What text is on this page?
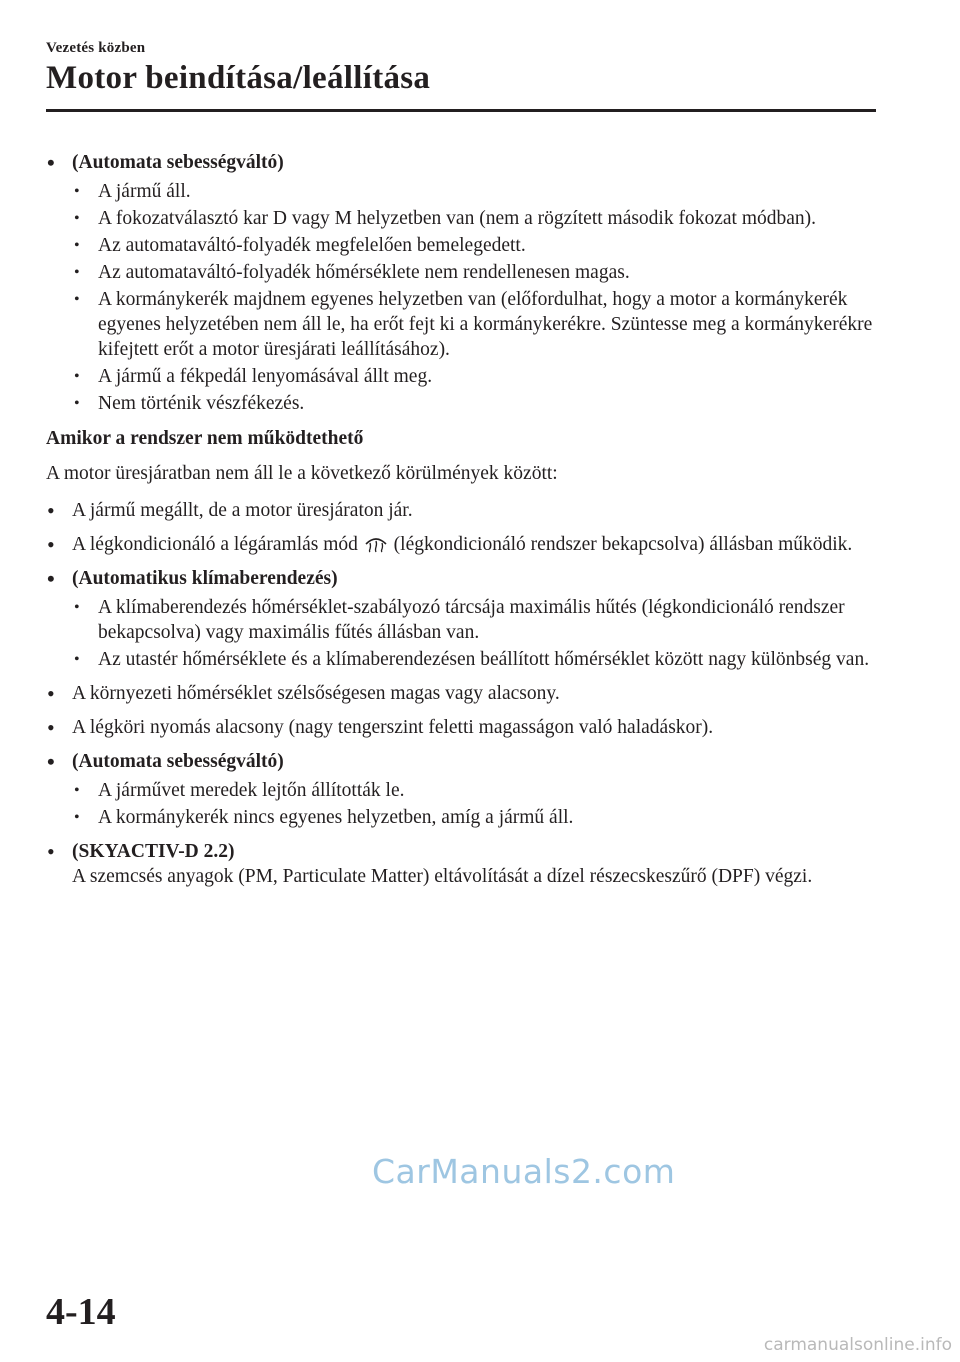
Vezetés közben
Motor beindítása/leállítása
• (Automata sebességváltó)
• A jármű áll.
• A fokozatválasztó kar D vagy M helyzetben van (nem a rögzített második fokozat módban).
• Az automataváltó-folyadék megfelelően bemelegedett.
• Az automataváltó-folyadék hőmérséklete nem rendellenesen magas.
• A kormánykerék majdnem egyenes helyzetben van (előfordulhat, hogy a motor a kormánykerék egyenes helyzetében nem áll le, ha erőt fejt ki a kormánykerékre. Szüntesse meg a kormánykerékre kifejtett erőt a motor üresjárati leállításához).
• A jármű a fékpedál lenyomásával állt meg.
• Nem történik vészfékezés.
Amikor a rendszer nem működtethető
A motor üresjáratban nem áll le a következő körülmények között:
• A jármű megállt, de a motor üresjáraton jár.
• A légkondicionáló a légáramlás mód (légkondicionáló rendszer bekapcsolva) állásban működik.
• (Automatikus klímaberendezés)
• A klímaberendezés hőmérséklet-szabályozó tárcsája maximális hűtés (légkondicionáló rendszer bekapcsolva) vagy maximális fűtés állásban van.
• Az utastér hőmérséklete és a klímaberendezésen beállított hőmérséklet között nagy különbség van.
• A környezeti hőmérséklet szélsőségesen magas vagy alacsony.
• A légköri nyomás alacsony (nagy tengerszint feletti magasságon való haladáskor).
• (Automata sebességváltó)
• A járművet meredek lejtőn állították le.
• A kormánykerék nincs egyenes helyzetben, amíg a jármű áll.
• (SKYACTIV-D 2.2)
A szemcsés anyagok (PM, Particulate Matter) eltávolítását a dízel részecskeszűrő (DPF) végzi.
CarManuals2.com
4-14
carmanualsonline.info
